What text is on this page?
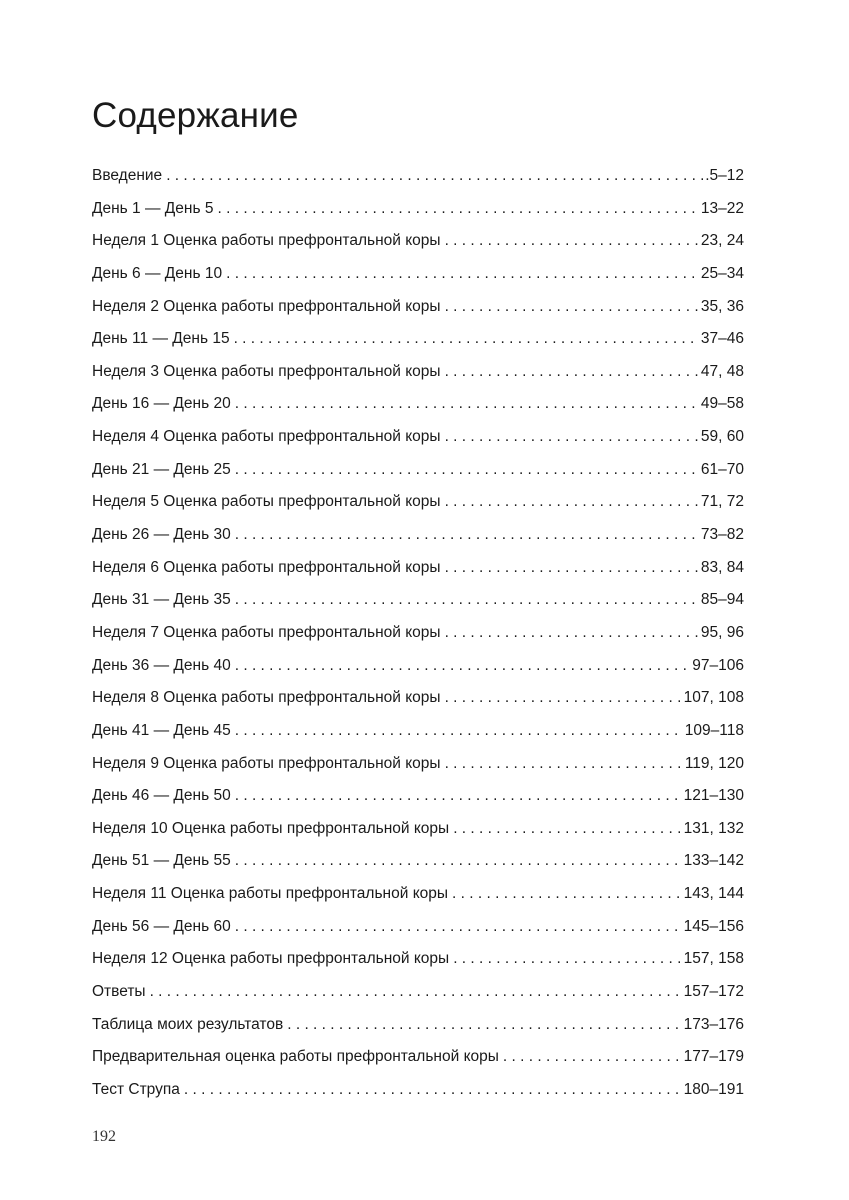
Содержание
Введение . . .	.5–12
День 1 — День 5 . . .	13–22
Неделя 1 Оценка работы префронтальной коры . . .	23, 24
День 6 — День 10 . . .	25–34
Неделя 2 Оценка работы префронтальной коры . . .	35, 36
День 11 — День 15 . . .	37–46
Неделя 3 Оценка работы префронтальной коры . . .	47, 48
День 16 — День 20 . . .	49–58
Неделя 4 Оценка работы префронтальной коры . . .	59, 60
День 21 — День 25 . . .	61–70
Неделя 5 Оценка работы префронтальной коры . . .	71, 72
День 26 — День 30 . . .	73–82
Неделя 6 Оценка работы префронтальной коры . . .	83, 84
День 31 — День 35 . . .	85–94
Неделя 7 Оценка работы префронтальной коры . . .	95, 96
День 36 — День 40 . . .	97–106
Неделя 8 Оценка работы префронтальной коры . . .	107, 108
День 41 — День 45 . . .	109–118
Неделя 9 Оценка работы префронтальной коры . . .	119, 120
День 46 — День 50 . . .	121–130
Неделя 10 Оценка работы префронтальной коры . . .	131, 132
День 51 — День 55 . . .	133–142
Неделя 11 Оценка работы префронтальной коры . . .	143, 144
День 56 — День 60 . . .	145–156
Неделя 12 Оценка работы префронтальной коры . . .	157, 158
Ответы . . .	157–172
Таблица моих результатов . . .	173–176
Предварительная оценка работы префронтальной коры . . .	177–179
Тест Струпа . . .	180–191
192
